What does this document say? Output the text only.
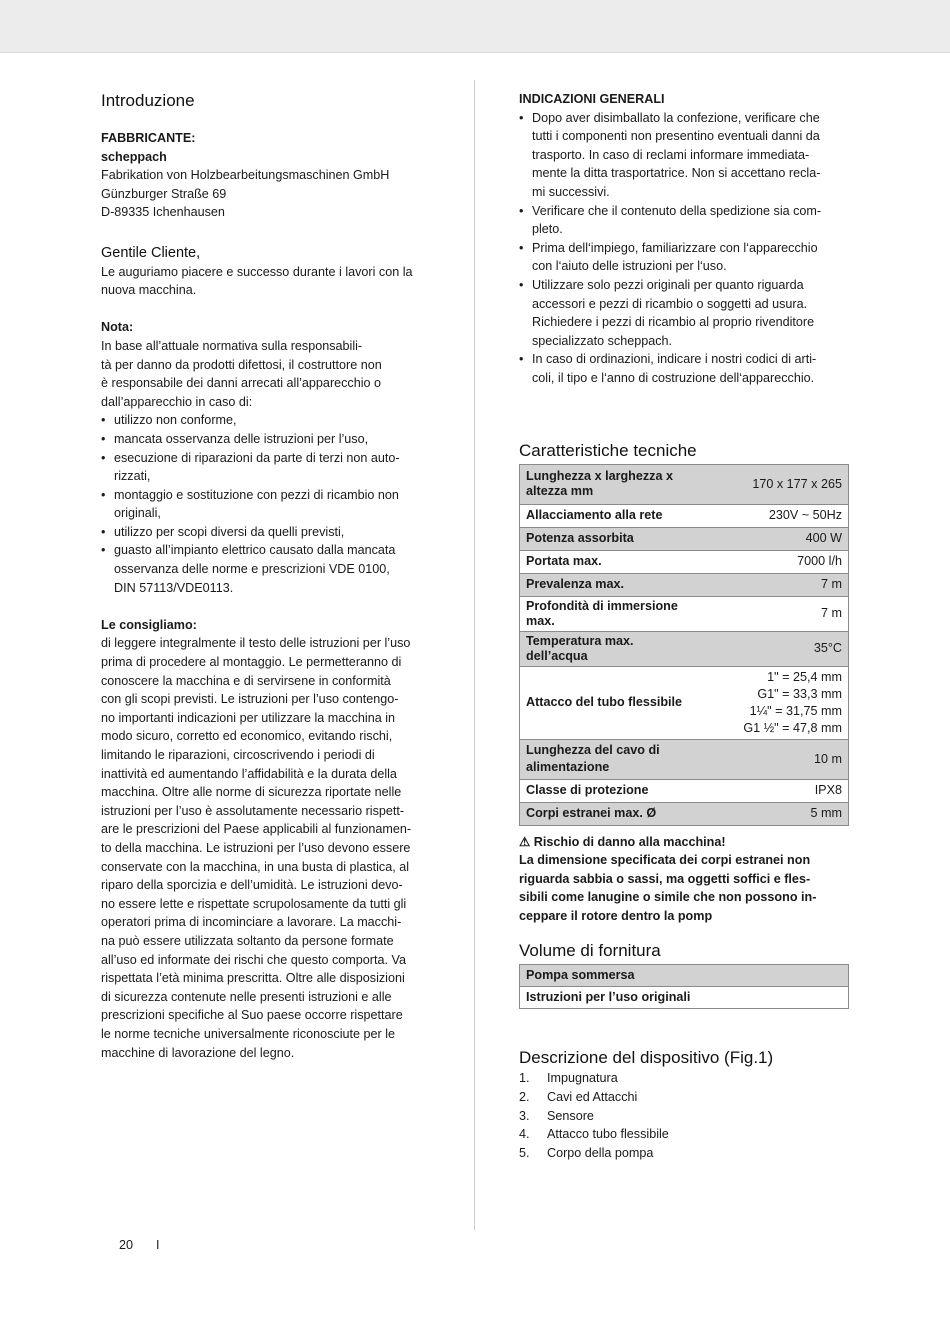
Introduzione

FABBRICANTE:

scheppach

Fabrikation von Holzbearbeitungsmaschinen GmbH

Günzburger Straße 69

D-89335 Ichenhausen

Gentile Cliente,

Le auguriamo piacere e successo durante i lavori con la

nuova macchina.

Nota:

In base all’attuale normativa sulla responsabili-

tà per danno da prodotti difettosi, il costruttore non

è responsabile dei danni arrecati all’apparecchio o

dall’apparecchio in caso di:

• utilizzo non conforme,
• mancata osservanza delle istruzioni per l’uso,
• esecuzione di riparazioni da parte di terzi non auto-
rizzati,
• montaggio e sostituzione con pezzi di ricambio non
originali,
• utilizzo per scopi diversi da quelli previsti,
• guasto all’impianto elettrico causato dalla mancata
osservanza delle norme e prescrizioni VDE 0100,
DIN 57113/VDE0113.

Le consigliamo:

di leggere integralmente il testo delle istruzioni per l’uso

prima di procedere al montaggio. Le permetteranno di

conoscere la macchina e di servirsene in conformità

con gli scopi previsti. Le istruzioni per l’uso contengo-

no importanti indicazioni per utilizzare la macchina in

modo sicuro, corretto ed economico, evitando rischi,

limitando le riparazioni, circoscrivendo i periodi di

inattività ed aumentando l’affidabilità e la durata della

macchina. Oltre alle norme di sicurezza riportate nelle

istruzioni per l’uso è assolutamente necessario rispett-

are le prescrizioni del Paese applicabili al funzionamen-

to della macchina. Le istruzioni per l’uso devono essere

conservate con la macchina, in una busta di plastica, al

riparo della sporcizia e dell’umidità. Le istruzioni devo-

no essere lette e rispettate scrupolosamente da tutti gli

operatori prima di incominciare a lavorare. La macchi-

na può essere utilizzata soltanto da persone formate

all’uso ed informate dei rischi che questo comporta. Va

rispettata l’età minima prescritta. Oltre alle disposizioni

di sicurezza contenute nelle presenti istruzioni e alle

prescrizioni specifiche al Suo paese occorre rispettare

le norme tecniche universalmente riconosciute per le

macchine di lavorazione del legno.

INDICAZIONI GENERALI

• Dopo aver disimballato la confezione, verificare che
tutti i componenti non presentino eventuali danni da
trasporto. In caso di reclami informare immediata-
mente la ditta trasportatrice. Non si accettano recla-
mi successivi.
• Verificare che il contenuto della spedizione sia com-
pleto.
• Prima dell‘impiego, familiarizzare con l‘apparecchio
con l‘aiuto delle istruzioni per l‘uso.
• Utilizzare solo pezzi originali per quanto riguarda
accessori e pezzi di ricambio o soggetti ad usura.
Richiedere i pezzi di ricambio al proprio rivenditore
specializzato scheppach.
• In caso di ordinazioni, indicare i nostri codici di arti-
coli, il tipo e l‘anno di costruzione dell‘apparecchio.
Caratteristiche tecniche
Lunghezza x larghezza x
altezza mm	170 x 177 x 265
Allacciamento alla rete	230V ~ 50Hz
Potenza assorbita	400 W
Portata max.	7000 l/h
Prevalenza max.	7 m
Profondità di immersione
max.	7 m
Temperatura max.
dell’acqua	35°C
Attacco del tubo flessibile	1" = 25,4 mm
G1" = 33,3 mm
1¼" = 31,75 mm
G1 ½" = 47,8 mm
Lunghezza del cavo di
alimentazione	10 m
Classe di protezione	IPX8
Corpi estranei max. Ø	5 mm

⚠ Rischio di danno alla macchina!

La dimensione specificata dei corpi estranei non

riguarda sabbia o sassi, ma oggetti soffici e fles-

sibili come lanugine o simile che non possono in-

ceppare il rotore dentro la pomp

Volume di fornitura
Pompa sommersa
Istruzioni per l’uso originali
Descrizione del dispositivo (Fig.1)
1. Impugnatura
2. Cavi ed Attacchi
3. Sensore
4. Attacco tubo flessibile
5. Corpo della pompa
20 I
